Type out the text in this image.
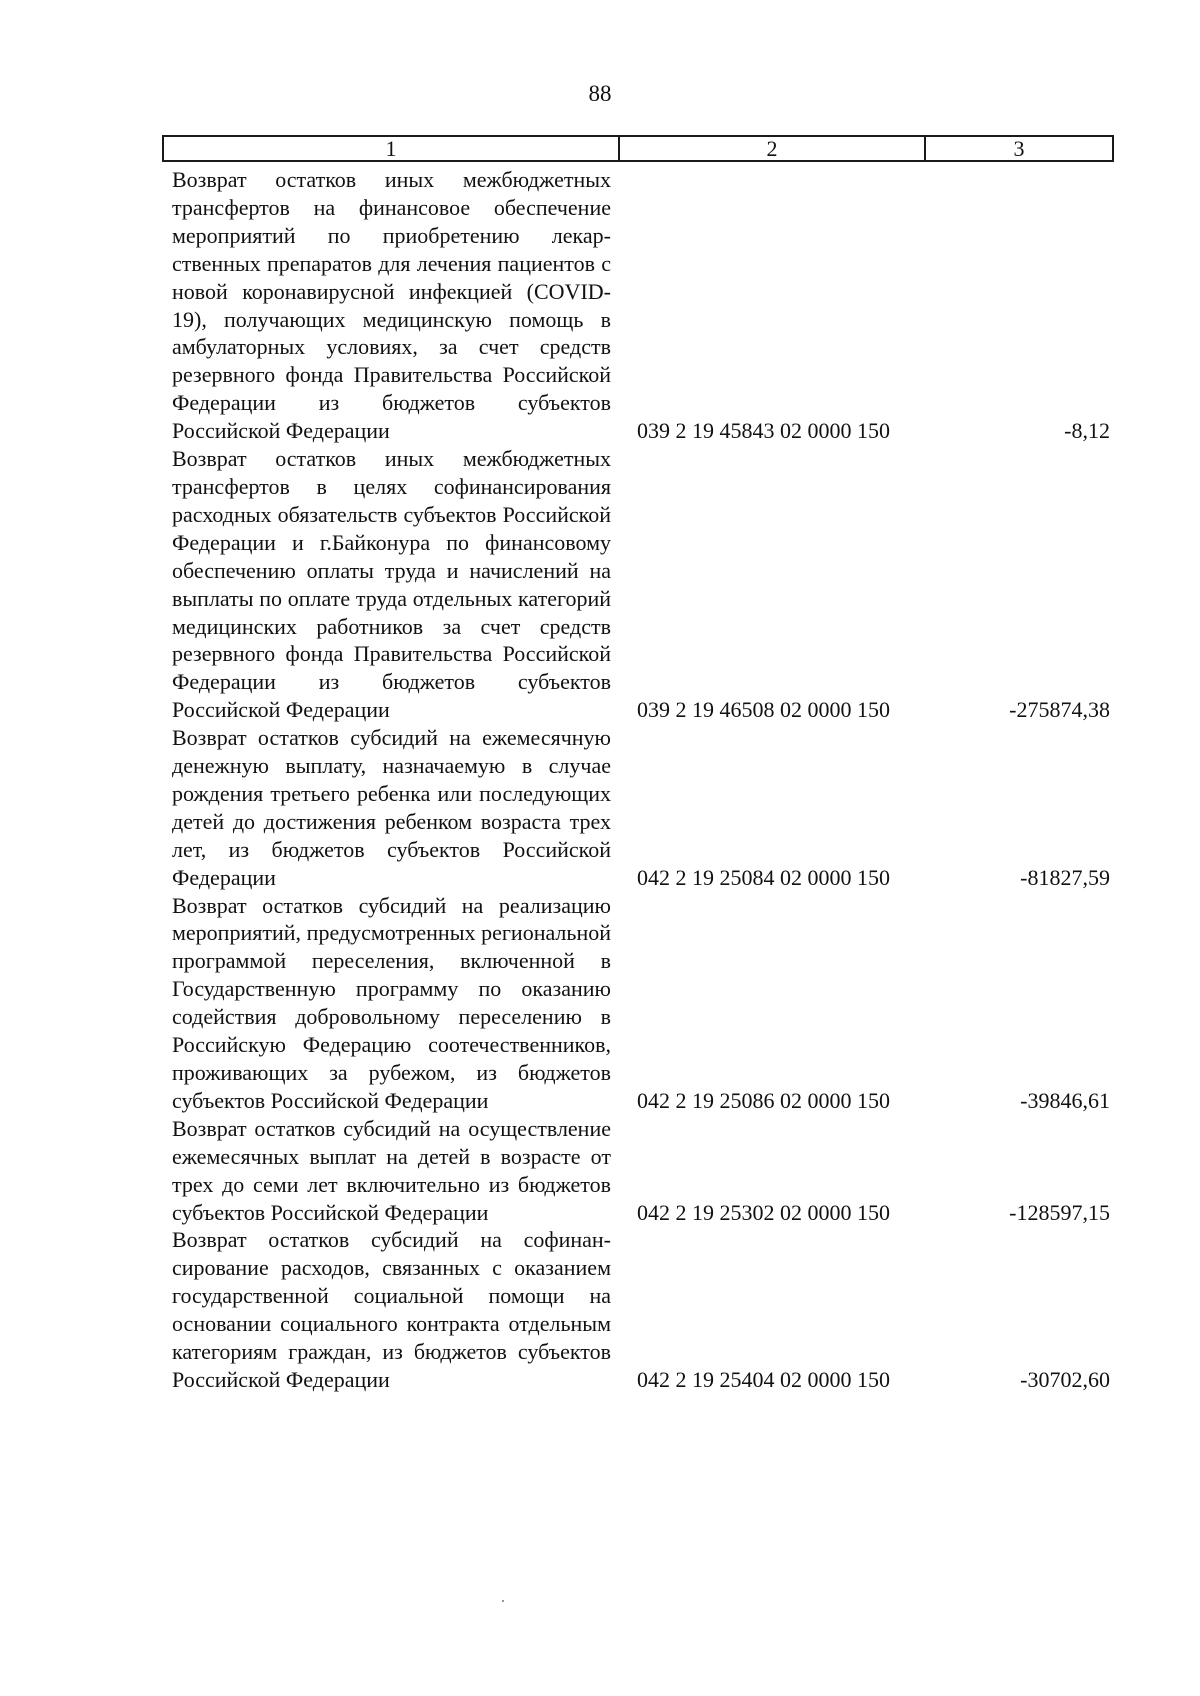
88
1	2	3
Возврат остатков иных межбюджетных трансфертов на финансовое обеспечение мероприятий по приобретению лекарственных препаратов для лечения пациентов с новой коронавирусной инфекцией (COVID-19), получающих медицинскую помощь в амбулаторных условиях, за счет средств резервного фонда Правительства Российской Федерации из бюджетов субъектов Российской Федерации	039 2 19 45843 02 0000 150	-8,12
Возврат остатков иных межбюджетных трансфертов в целях софинансирования расходных обязательств субъектов Российской Федерации и г.Байконура по финансовому обеспечению оплаты труда и начислений на выплаты по оплате труда отдельных категорий медицинских работников за счет средств резервного фонда Правительства Российской Федерации из бюджетов субъектов Российской Федерации	039 2 19 46508 02 0000 150	-275874,38
Возврат остатков субсидий на ежемесячную денежную выплату, назначаемую в случае рождения третьего ребенка или последующих детей до достижения ребенком возраста трех лет, из бюджетов субъектов Российской Федерации	042 2 19 25084 02 0000 150	-81827,59
Возврат остатков субсидий на реализацию мероприятий, предусмотренных региональной программой переселения, включенной в Государственную программу по оказанию содействия добровольному переселению в Российскую Федерацию соотечественников, проживающих за рубежом, из бюджетов субъектов Российской Федерации	042 2 19 25086 02 0000 150	-39846,61
Возврат остатков субсидий на осуществление ежемесячных выплат на детей в возрасте от трех до семи лет включительно из бюджетов субъектов Российской Федерации	042 2 19 25302 02 0000 150	-128597,15
Возврат остатков субсидий на софинансирование расходов, связанных с оказанием государственной социальной помощи на основании социального контракта отдельным категориям граждан, из бюджетов субъектов Российской Федерации	042 2 19 25404 02 0000 150	-30702,60
